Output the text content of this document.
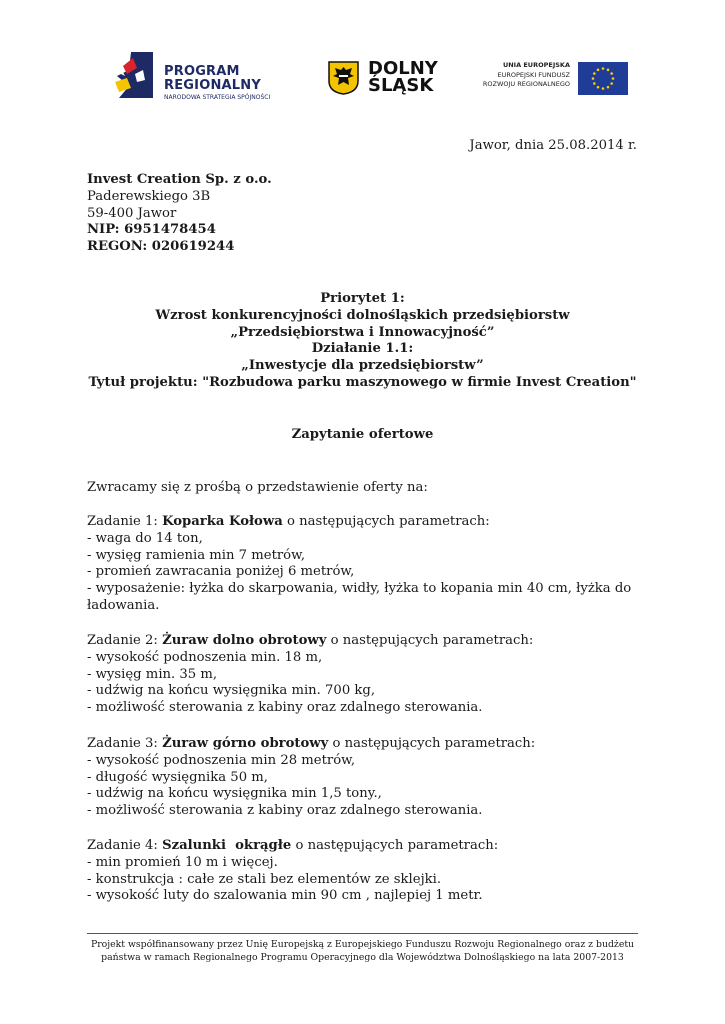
PROGRAM
REGIONALNY
NARODOWA STRATEGIA SPÓJNOŚCI
DOLNY
ŚLĄSK
UNIA EUROPEJSKA
EUROPEJSKI FUNDUSZ
ROZWOJU REGIONALNEGO
Jawor, dnia 25.08.2014 r.
Invest Creation Sp. z o.o.
Paderewskiego 3B
59-400 Jawor
NIP: 6951478454
REGON: 020619244
Priorytet 1:
Wzrost konkurencyjności dolnośląskich przedsiębiorstw
„Przedsiębiorstwa i Innowacyjność”
Działanie 1.1:
„Inwestycje dla przedsiębiorstw”
Tytuł projektu: "Rozbudowa parku maszynowego w firmie Invest Creation"
Zapytanie ofertowe
Zwracamy się z prośbą o przedstawienie oferty na:
Zadanie 1: Koparka Kołowa o następujących parametrach:
- waga do 14 ton,
- wysięg ramienia min 7 metrów,
- promień zawracania poniżej 6 metrów,
- wyposażenie: łyżka do skarpowania, widły, łyżka to kopania min 40 cm, łyżka do
ładowania.
Zadanie 2: Żuraw dolno obrotowy o następujących parametrach:
- wysokość podnoszenia min. 18 m,
- wysięg min. 35 m,
- udźwig na końcu wysięgnika min. 700 kg,
- możliwość sterowania z kabiny oraz zdalnego sterowania.
Zadanie 3: Żuraw górno obrotowy o następujących parametrach:
- wysokość podnoszenia min 28 metrów,
- długość wysięgnika 50 m,
- udźwig na końcu wysięgnika min 1,5 tony.,
- możliwość sterowania z kabiny oraz zdalnego sterowania.
Zadanie 4: Szalunki  okrągłe o następujących parametrach:
- min promień 10 m i więcej.
- konstrukcja : całe ze stali bez elementów ze sklejki.
- wysokość luty do szalowania min 90 cm , najlepiej 1 metr.
Projekt współfinansowany przez Unię Europejską z Europejskiego Funduszu Rozwoju Regionalnego oraz z budżetu
państwa w ramach Regionalnego Programu Operacyjnego dla Województwa Dolnośląskiego na lata 2007-2013
